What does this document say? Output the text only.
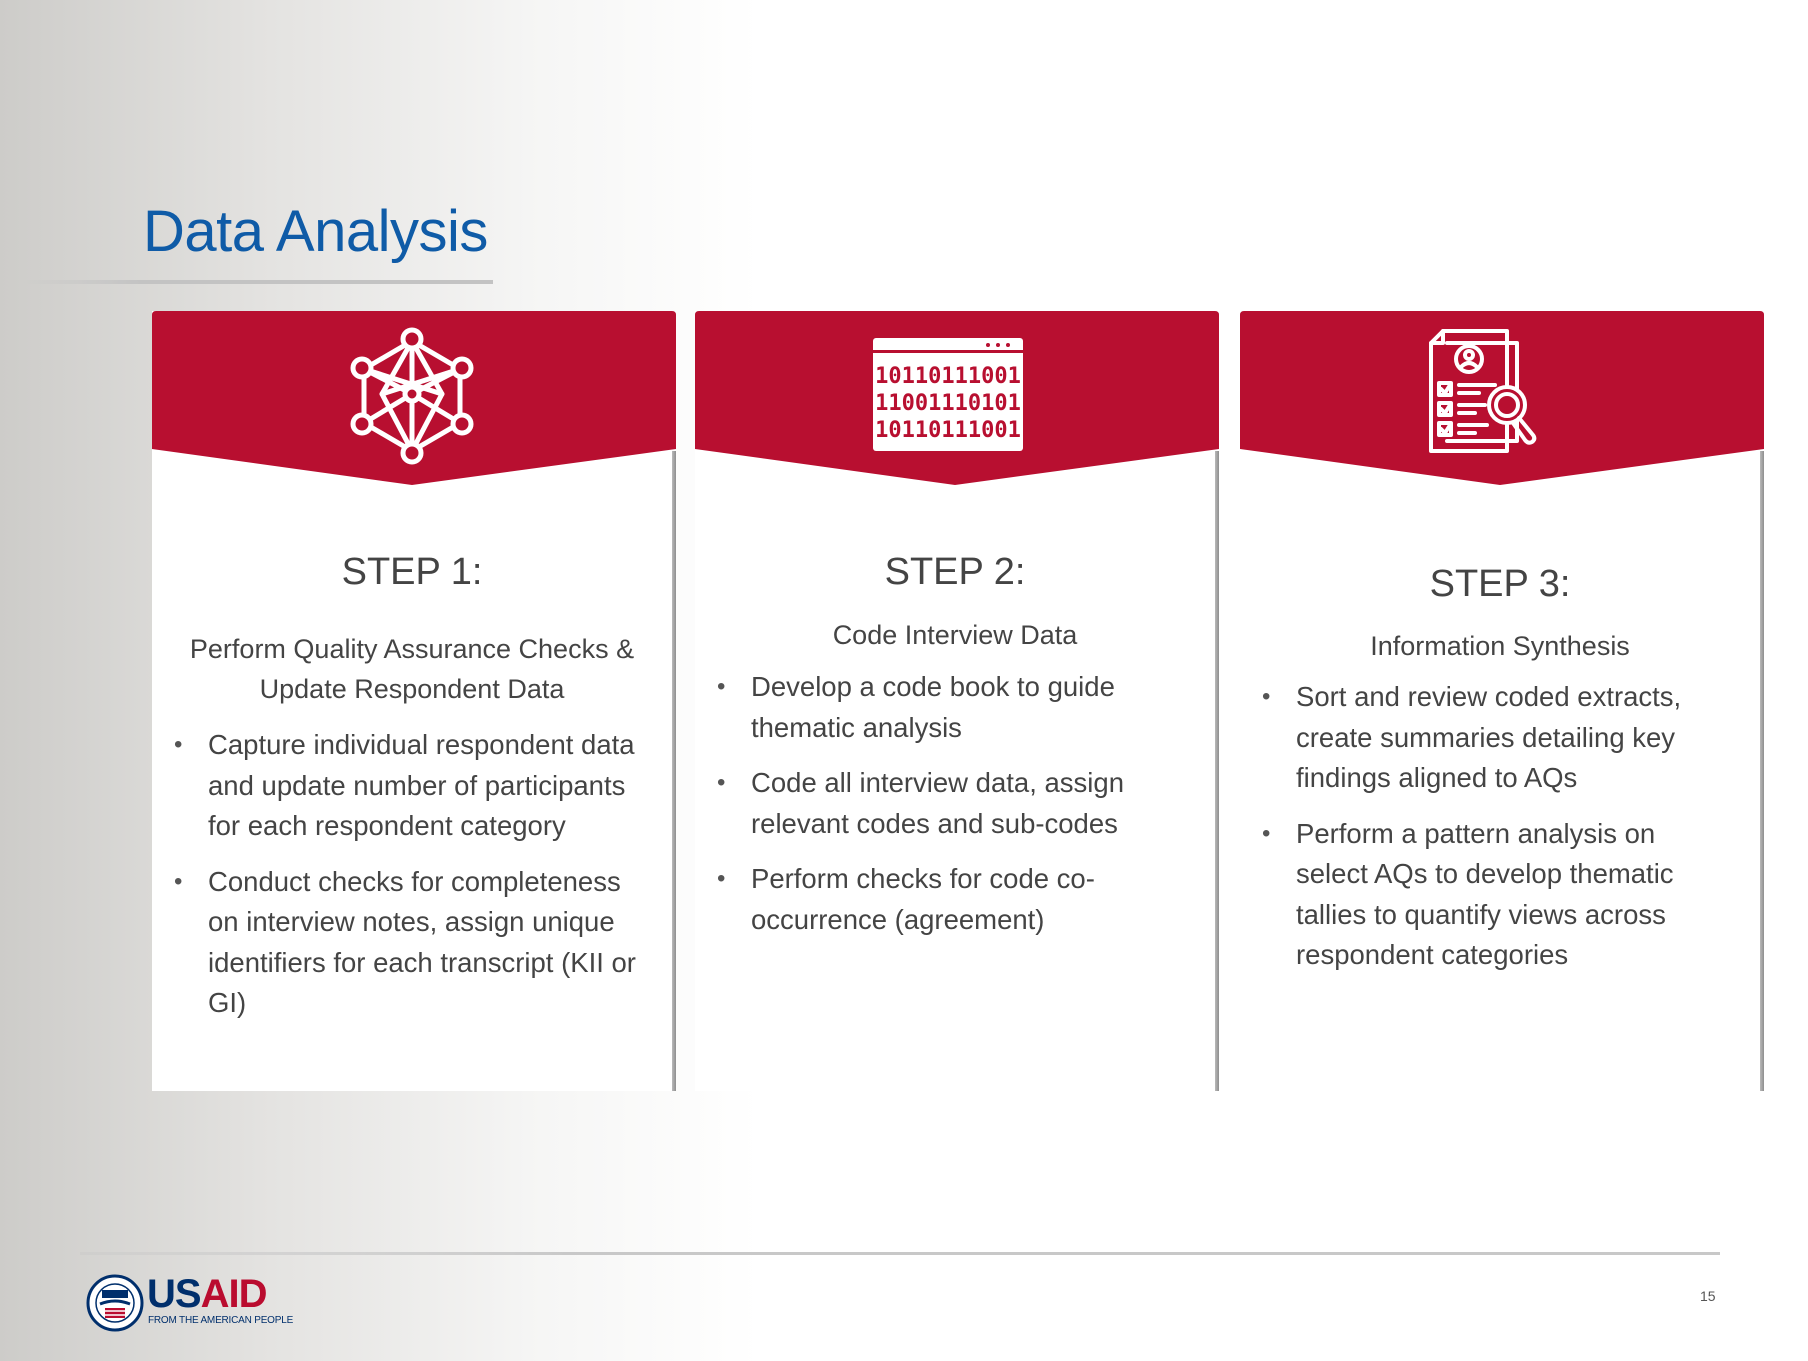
Data Analysis
STEP 1:
Perform Quality Assurance Checks & Update Respondent Data
• Capture individual respondent data and update number of participants for each respondent category
• Conduct checks for completeness on interview notes, assign unique identifiers for each transcript (KII or GI)
10110111001
11001110101
10110111001
STEP 2:
Code Interview Data
• Develop a code book to guide thematic analysis
• Code all interview data, assign relevant codes and sub-codes
• Perform checks for code co-occurrence (agreement)
STEP 3:
Information Synthesis
• Sort and review coded extracts, create summaries detailing key findings aligned to AQs
• Perform a pattern analysis on select AQs to develop thematic tallies to quantify views across respondent categories
USAID
FROM THE AMERICAN PEOPLE
15
